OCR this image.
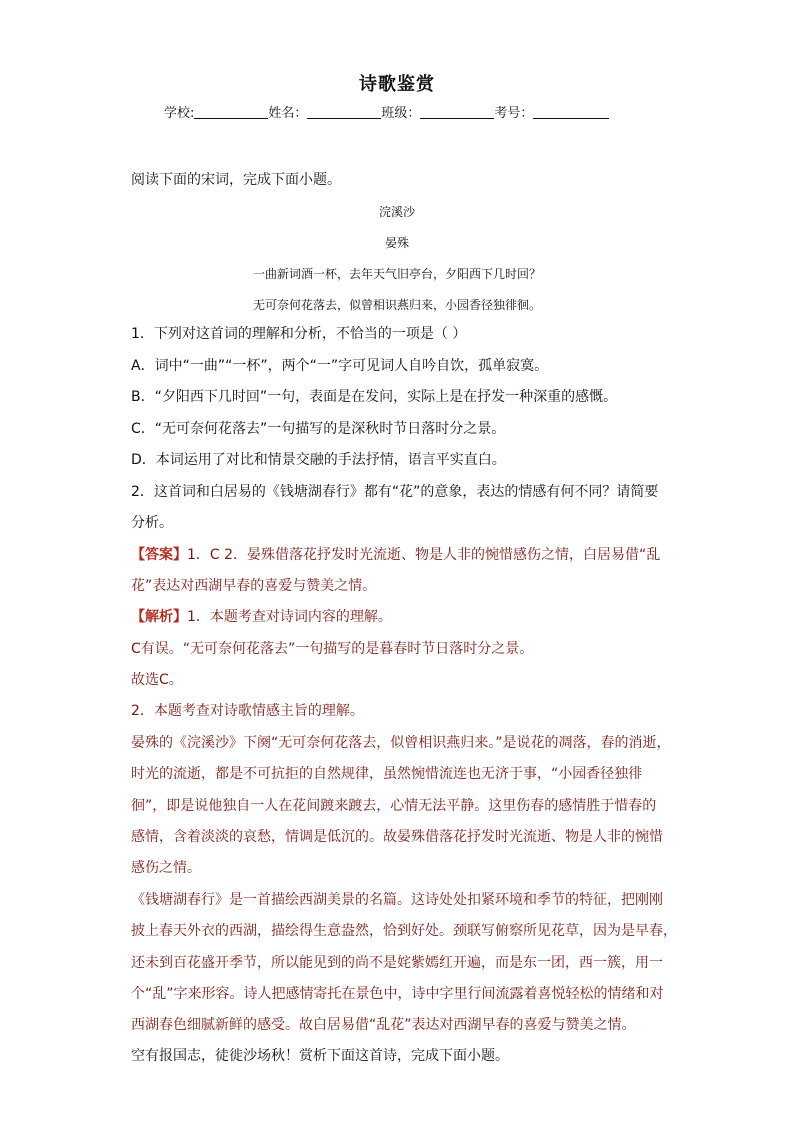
诗歌鉴赏
学校:	姓名：	班级：	考号：
阅读下面的宋词，完成下面小题。
浣溪沙
晏殊
一曲新词酒一杯，去年天气旧亭台，夕阳西下几时回？
无可奈何花落去，似曾相识燕归来，小园香径独徘徊。
1．下列对这首词的理解和分析，不恰当的一项是（ ）
A．词中“一曲”“一杯”，两个“一”字可见词人自吟自饮，孤单寂寞。
B．“夕阳西下几时回”一句，表面是在发问，实际上是在抒发一种深重的感慨。
C．“无可奈何花落去”一句描写的是深秋时节日落时分之景。
D．本词运用了对比和情景交融的手法抒情，语言平实直白。
2．这首词和白居易的《钱塘湖春行》都有“花”的意象，表达的情感有何不同？请简要
分析。
【答案】1．C 2．晏殊借落花抒发时光流逝、物是人非的惋惜感伤之情，白居易借“乱
花”表达对西湖早春的喜爱与赞美之情。
【解析】1．本题考查对诗词内容的理解。
C有误。“无可奈何花落去”一句描写的是暮春时节日落时分之景。
故选C。
2．本题考查对诗歌情感主旨的理解。
晏殊的《浣溪沙》下阕“无可奈何花落去，似曾相识燕归来。”是说花的凋落，春的消逝，
时光的流逝，都是不可抗拒的自然规律，虽然惋惜流连也无济于事，“小园香径独徘
徊”，即是说他独自一人在花间踱来踱去，心情无法平静。这里伤春的感情胜于惜春的
感情，含着淡淡的哀愁，情调是低沉的。故晏殊借落花抒发时光流逝、物是人非的惋惜
感伤之情。
《钱塘湖春行》是一首描绘西湖美景的名篇。这诗处处扣紧环境和季节的特征，把刚刚
披上春天外衣的西湖，描绘得生意盎然，恰到好处。颈联写俯察所见花草，因为是早春，
还未到百花盛开季节，所以能见到的尚不是姹紫嫣红开遍，而是东一团，西一簇，用一
个“乱”字来形容。诗人把感情寄托在景色中，诗中字里行间流露着喜悦轻松的情绪和对
西湖春色细腻新鲜的感受。故白居易借“乱花”表达对西湖早春的喜爱与赞美之情。
空有报国志，徒徙沙场秋！赏析下面这首诗，完成下面小题。
